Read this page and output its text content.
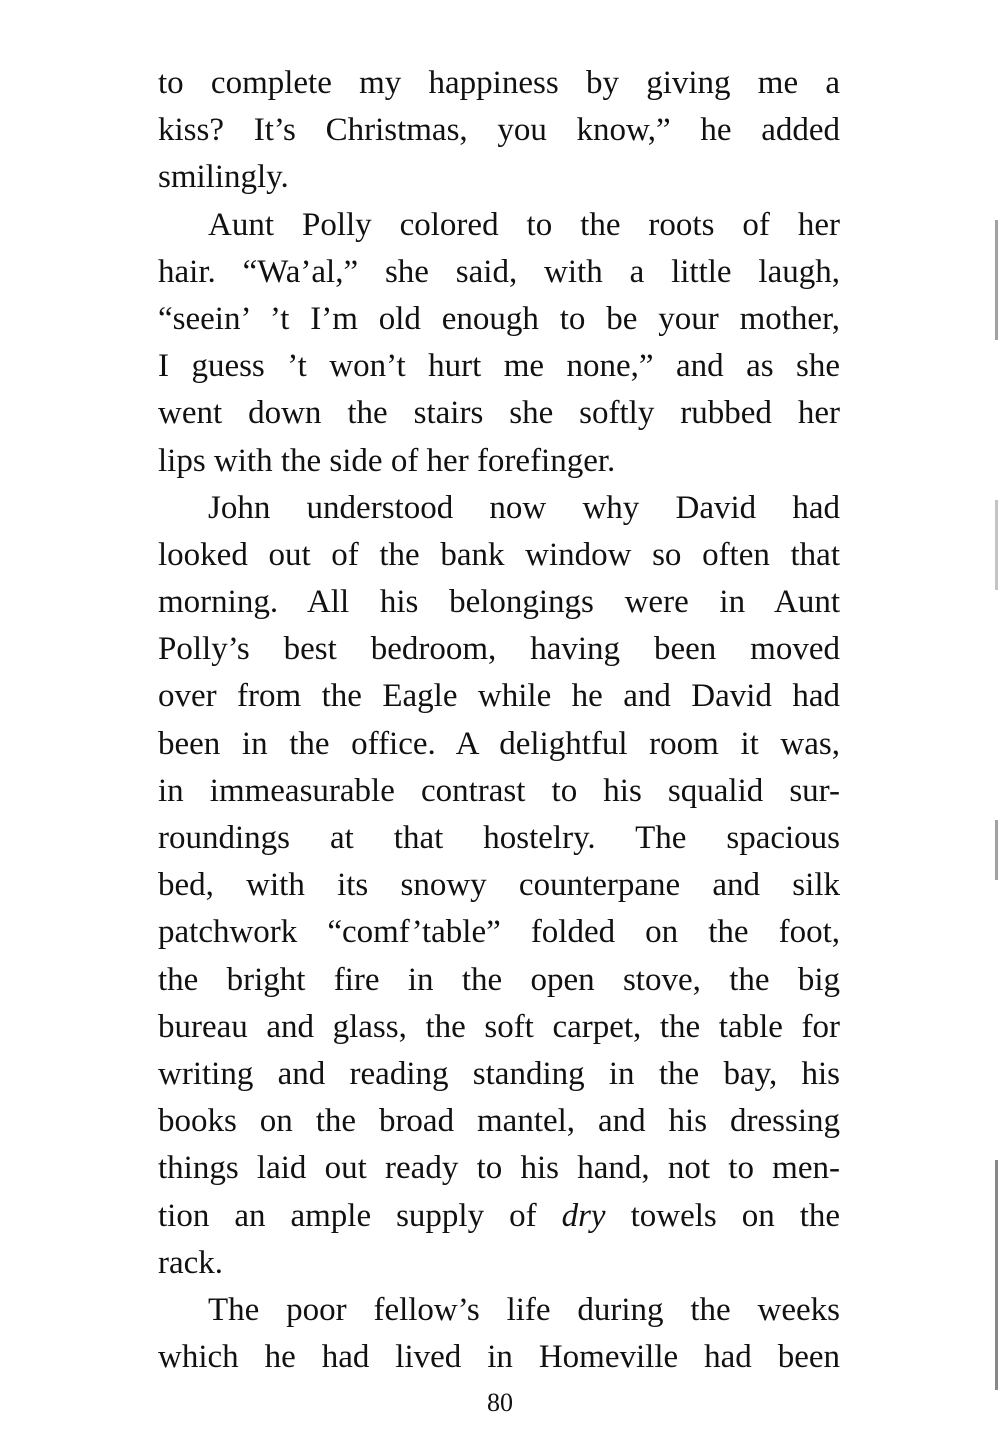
to complete my happiness by giving me a
kiss? It’s Christmas, you know,” he added
smilingly.
Aunt Polly colored to the roots of her
hair. “Wa’al,” she said, with a little laugh,
“seein’ ’t I’m old enough to be your mother,
I guess ’t won’t hurt me none,” and as she
went down the stairs she softly rubbed her
lips with the side of her forefinger.
John understood now why David had
looked out of the bank window so often that
morning. All his belongings were in Aunt
Polly’s best bedroom, having been moved
over from the Eagle while he and David had
been in the office. A delightful room it was,
in immeasurable contrast to his squalid sur-
roundings at that hostelry. The spacious
bed, with its snowy counterpane and silk
patchwork “comf’table” folded on the foot,
the bright fire in the open stove, the big
bureau and glass, the soft carpet, the table for
writing and reading standing in the bay, his
books on the broad mantel, and his dressing
things laid out ready to his hand, not to men-
tion an ample supply of dry towels on the
rack.
The poor fellow’s life during the weeks
which he had lived in Homeville had been
80
